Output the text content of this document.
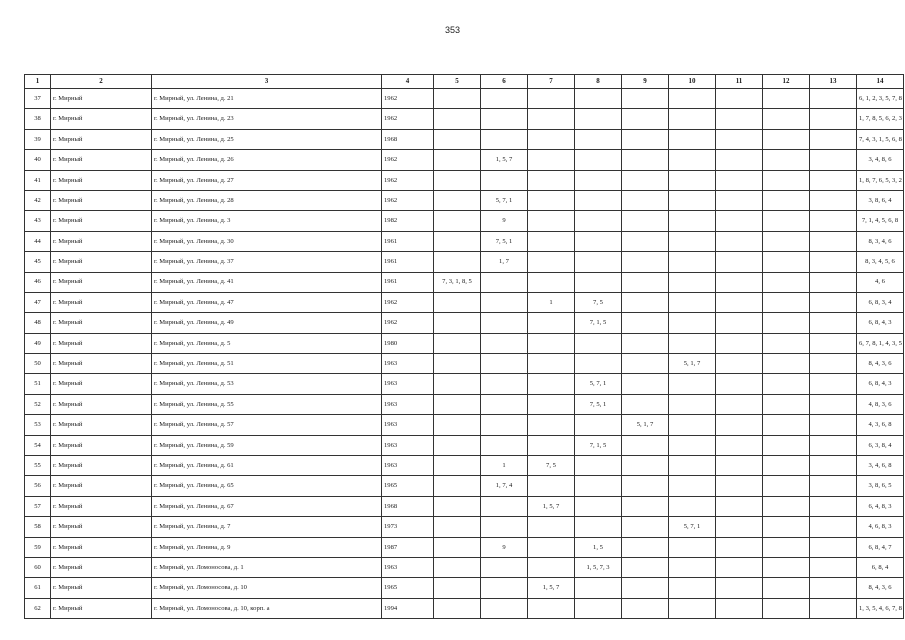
353
1	2	3	4	5	6	7	8	9	10	11	12	13	14
37	г. Мирный	г. Мирный, ул. Ленина, д. 21	1962										6, 1, 2, 3, 5, 7, 8
38	г. Мирный	г. Мирный, ул. Ленина, д. 23	1962										1, 7, 8, 5, 6, 2, 3
39	г. Мирный	г. Мирный, ул. Ленина, д. 25	1968										7, 4, 3, 1, 5, 6, 8
40	г. Мирный	г. Мирный, ул. Ленина, д. 26	1962		1, 5, 7								3, 4, 8, 6
41	г. Мирный	г. Мирный, ул. Ленина, д. 27	1962										1, 8, 7, 6, 5, 3, 2
42	г. Мирный	г. Мирный, ул. Ленина, д. 28	1962		5, 7, 1								3, 8, 6, 4
43	г. Мирный	г. Мирный, ул. Ленина, д. 3	1982		9								7, 1, 4, 5, 6, 8
44	г. Мирный	г. Мирный, ул. Ленина, д. 30	1961		7, 5, 1								8, 3, 4, 6
45	г. Мирный	г. Мирный, ул. Ленина, д. 37	1961		1, 7								8, 3, 4, 5, 6
46	г. Мирный	г. Мирный, ул. Ленина, д. 41	1961	7, 3, 1, 8, 5									4, 6
47	г. Мирный	г. Мирный, ул. Ленина, д. 47	1962			1	7, 5						6, 8, 3, 4
48	г. Мирный	г. Мирный, ул. Ленина, д. 49	1962				7, 1, 5						6, 8, 4, 3
49	г. Мирный	г. Мирный, ул. Ленина, д. 5	1980										6, 7, 8, 1, 4, 3, 5
50	г. Мирный	г. Мирный, ул. Ленина, д. 51	1963						5, 1, 7				8, 4, 3, 6
51	г. Мирный	г. Мирный, ул. Ленина, д. 53	1963				5, 7, 1						6, 8, 4, 3
52	г. Мирный	г. Мирный, ул. Ленина, д. 55	1963				7, 5, 1						4, 8, 3, 6
53	г. Мирный	г. Мирный, ул. Ленина, д. 57	1963					5, 1, 7					4, 3, 6, 8
54	г. Мирный	г. Мирный, ул. Ленина, д. 59	1963				7, 1, 5						6, 3, 8, 4
55	г. Мирный	г. Мирный, ул. Ленина, д. 61	1963		1	7, 5							3, 4, 6, 8
56	г. Мирный	г. Мирный, ул. Ленина, д. 65	1965		1, 7, 4								3, 8, 6, 5
57	г. Мирный	г. Мирный, ул. Ленина, д. 67	1968			1, 5, 7							6, 4, 8, 3
58	г. Мирный	г. Мирный, ул. Ленина, д. 7	1973						5, 7, 1				4, 6, 8, 3
59	г. Мирный	г. Мирный, ул. Ленина, д. 9	1987		9		1, 5						6, 8, 4, 7
60	г. Мирный	г. Мирный, ул. Ломоносова, д. 1	1963				1, 5, 7, 3						6, 8, 4
61	г. Мирный	г. Мирный, ул. Ломоносова, д. 10	1965			1, 5, 7							8, 4, 3, 6
62	г. Мирный	г. Мирный, ул. Ломоносова, д. 10, корп. а	1994										1, 3, 5, 4, 6, 7, 8
